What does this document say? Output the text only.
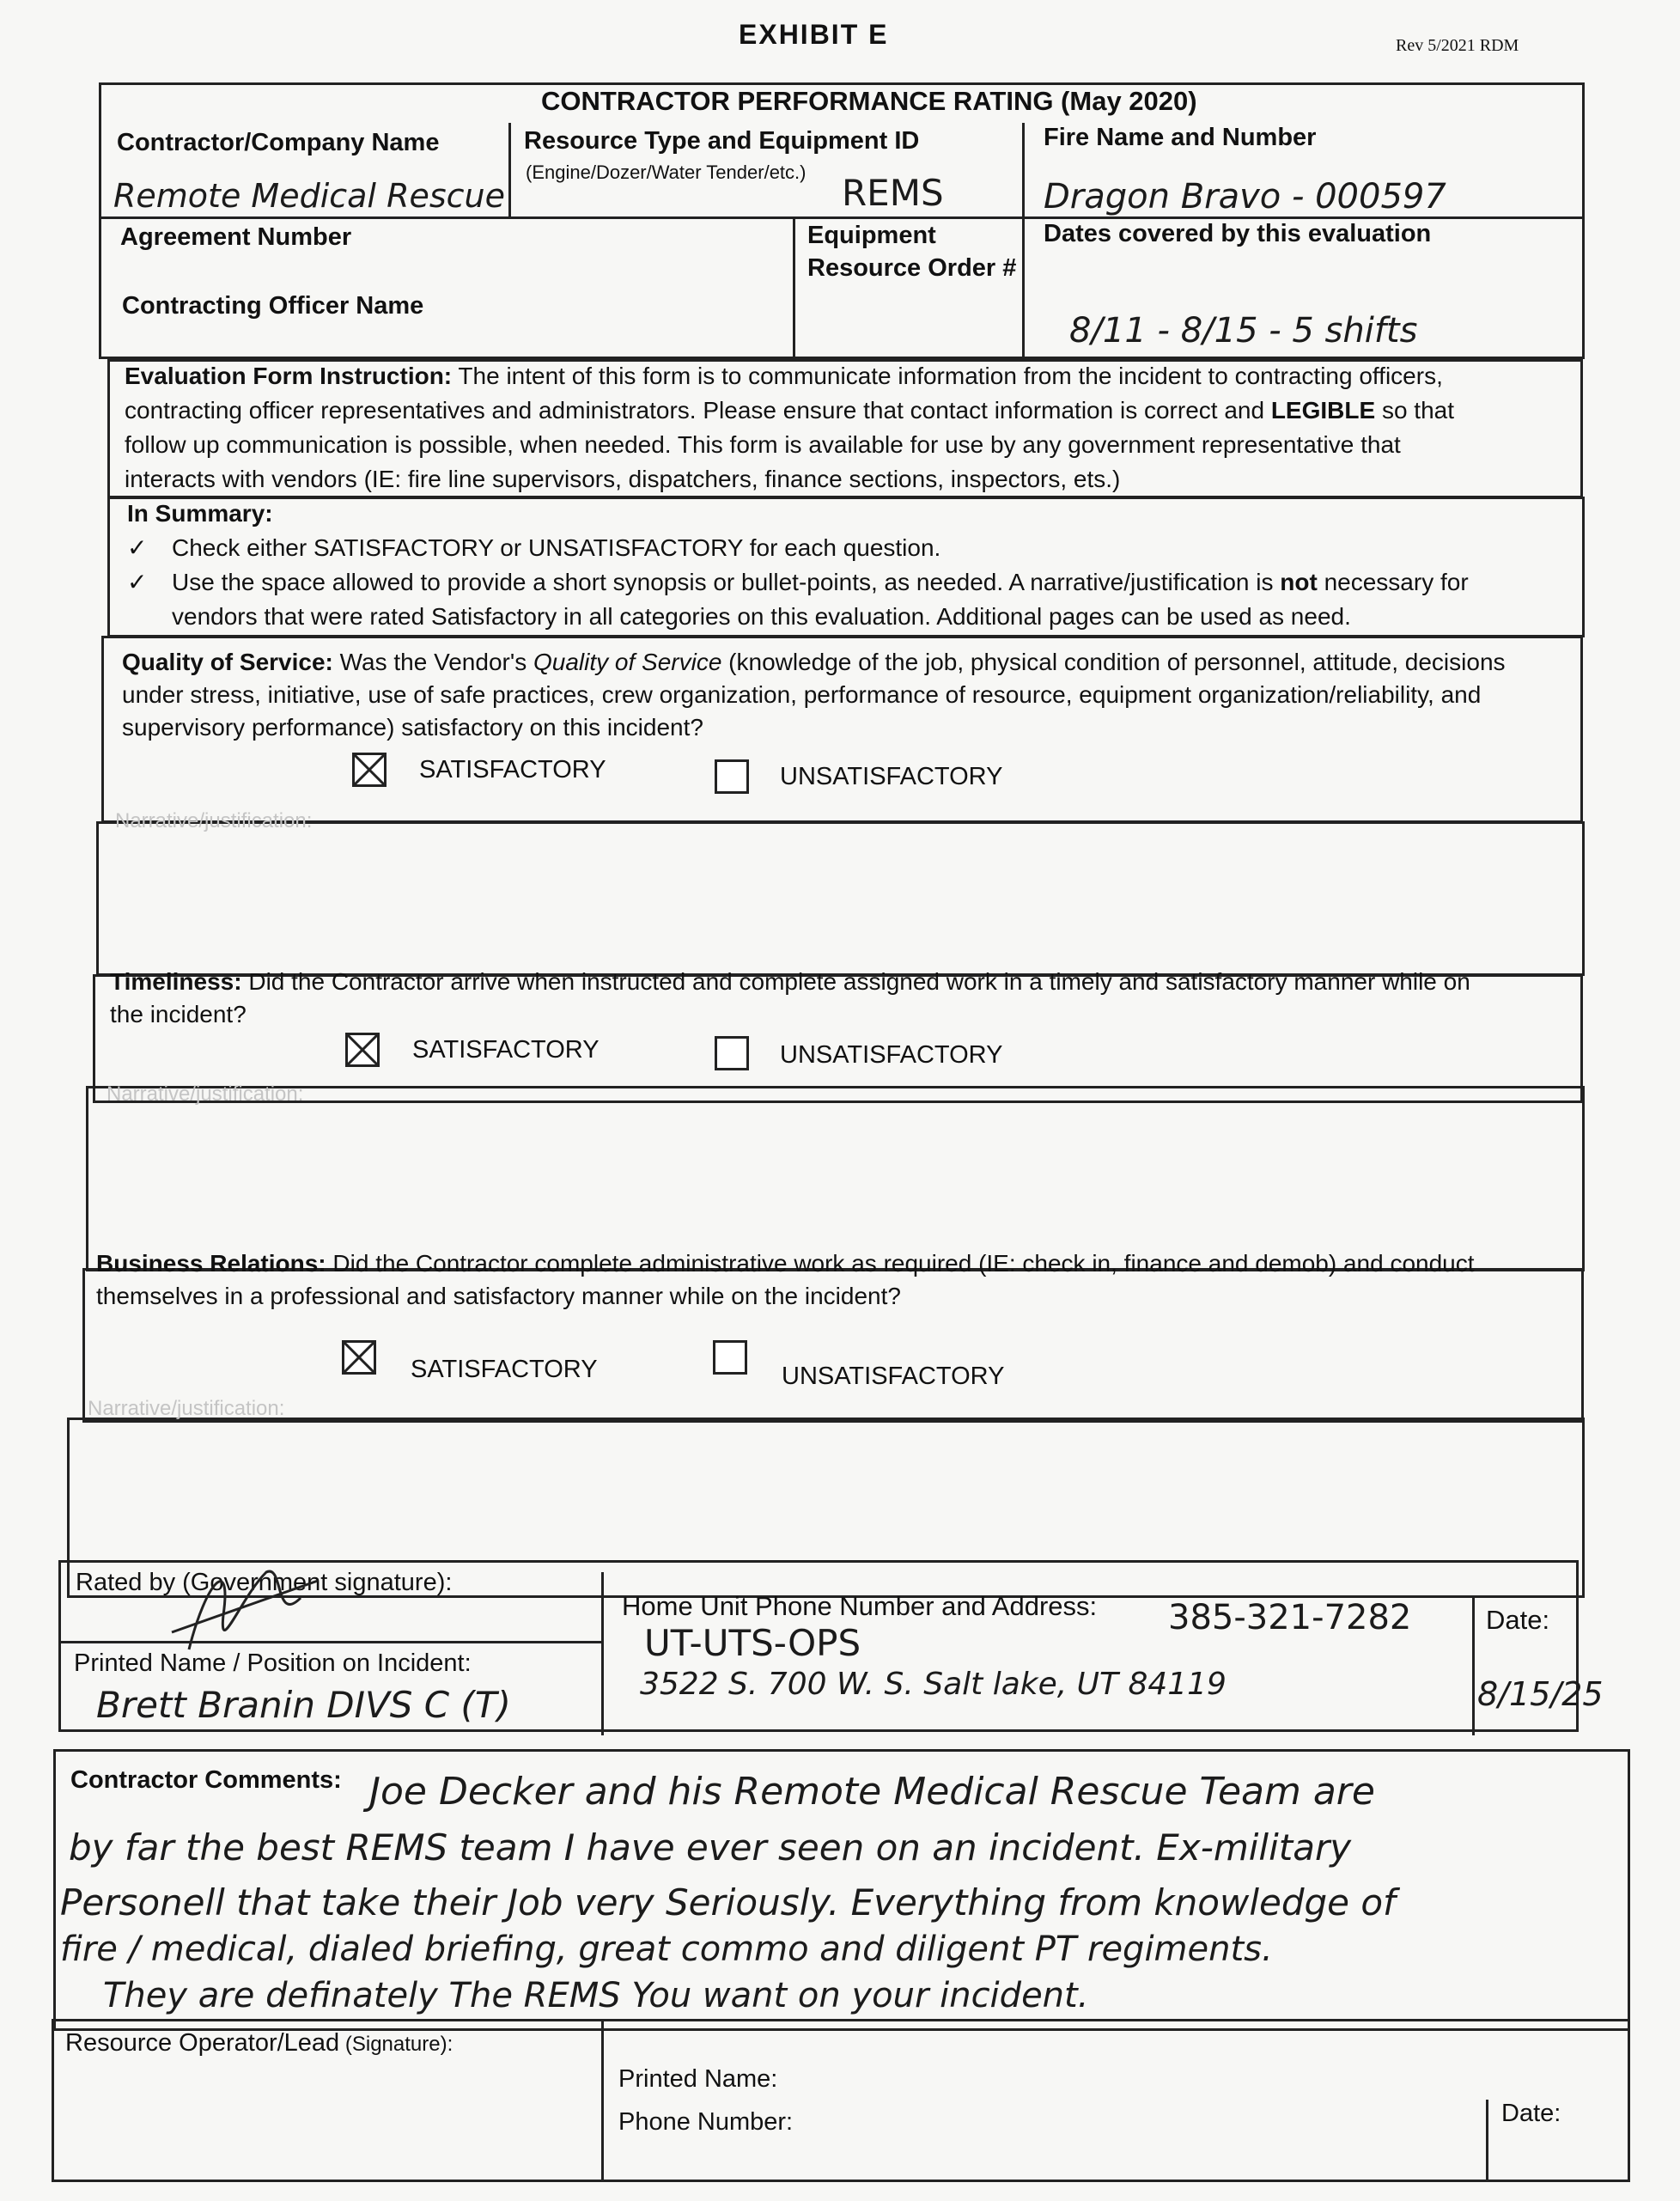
EXHIBIT E	Rev 5/2021 RDM
CONTRACTOR PERFORMANCE RATING (May 2020)
Contractor/Company Name
Remote Medical Rescue
Resource Type and Equipment ID
(Engine/Dozer/Water Tender/etc.) REMS
Fire Name and Number
Dragon Bravo - 000597
Agreement Number	Equipment
Resource Order #
Dates covered by this evaluation
8/11 - 8/15 - 5 shifts
Contracting Officer Name
Evaluation Form Instruction: The intent of this form is to communicate information from the incident to contracting officers,
contracting officer representatives and administrators. Please ensure that contact information is correct and LEGIBLE so that
follow up communication is possible, when needed. This form is available for use by any government representative that
interacts with vendors (IE: fire line supervisors, dispatchers, finance sections, inspectors, ets.)
In Summary:
✓ Check either SATISFACTORY or UNSATISFACTORY for each question.
✓ Use the space allowed to provide a short synopsis or bullet-points, as needed. A narrative/justification is not necessary for
vendors that were rated Satisfactory in all categories on this evaluation. Additional pages can be used as need.
Quality of Service: Was the Vendor's Quality of Service (knowledge of the job, physical condition of personnel, attitude, decisions
under stress, initiative, use of safe practices, crew organization, performance of resource, equipment organization/reliability, and
supervisory performance) satisfactory on this incident?
SATISFACTORY	UNSATISFACTORY
Narrative/justification:
Timeliness: Did the Contractor arrive when instructed and complete assigned work in a timely and satisfactory manner while on
the incident?
SATISFACTORY	UNSATISFACTORY
Narrative/justification:
Business Relations: Did the Contractor complete administrative work as required (IE: check in, finance and demob) and conduct
themselves in a professional and satisfactory manner while on the incident?
SATISFACTORY	UNSATISFACTORY
Narrative/justification:
Rated by (Government signature):
Home Unit Phone Number and Address: 385-321-7282	Date:
UT-UTS-OPS
3522 S. 700 W. S. Salt lake, UT 84119	8/15/25
Printed Name / Position on Incident:
Brett Branin DIVS C (T)
Contractor Comments: Joe Decker and his Remote Medical Rescue Team are
by far the best REMS team I have ever seen on an incident. Ex-military
Personell that take their Job very Seriously. Everything from knowledge of
fire / medical, dialed briefing, great commo and diligent PT regiments.
They are definately The REMS You want on your incident.
Resource Operator/Lead (Signature):
Printed Name:
Phone Number:	Date:
